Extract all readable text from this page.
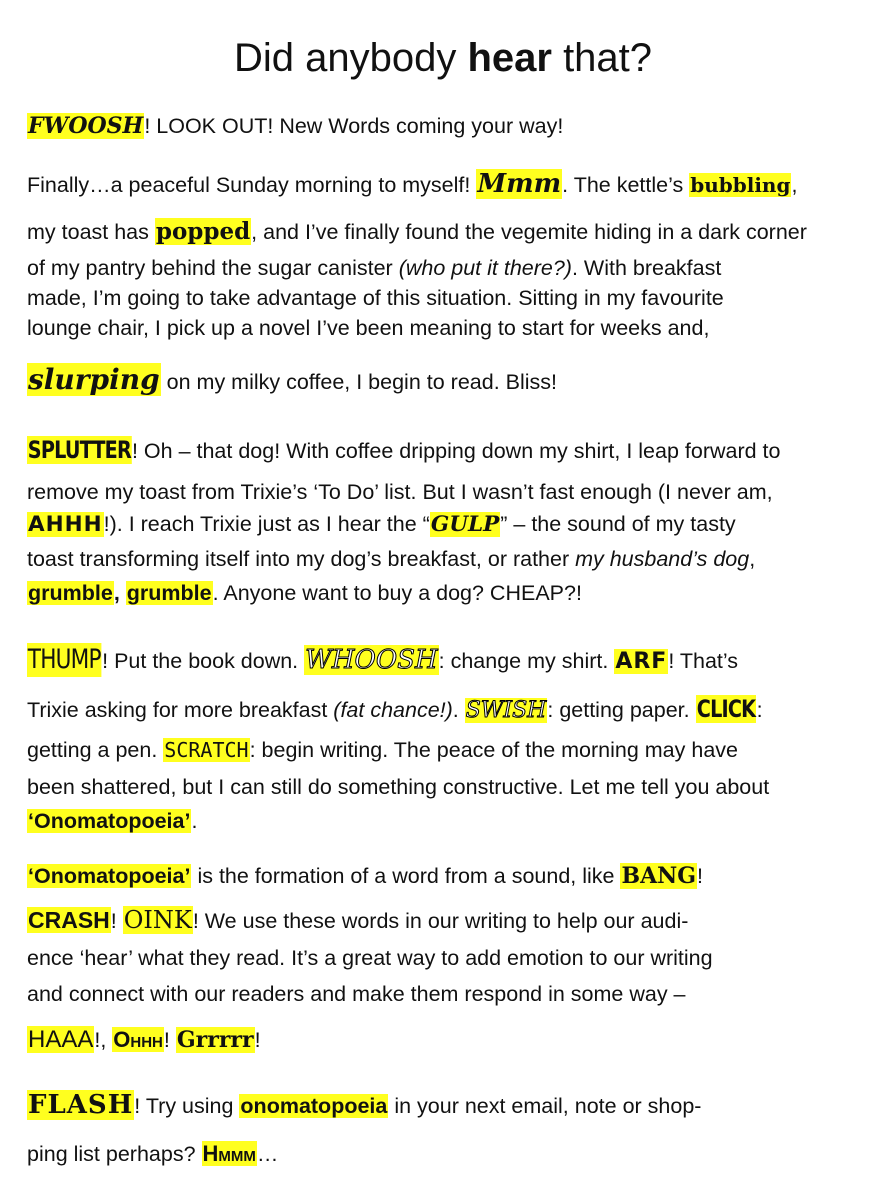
Did anybody hear that?
FWOOSH! LOOK OUT! New Words coming your way!
Finally…a peaceful Sunday morning to myself! Mmm. The kettle’s bubbling,
my toast has popped, and I’ve finally found the vegemite hiding in a dark corner
of my pantry behind the sugar canister (who put it there?). With breakfast
made, I’m going to take advantage of this situation. Sitting in my favourite
lounge chair, I pick up a novel I’ve been meaning to start for weeks and,
slurping on my milky coffee, I begin to read. Bliss!
SPLUTTER! Oh – that dog! With coffee dripping down my shirt, I leap forward to
remove my toast from Trixie’s ‘To Do’ list. But I wasn’t fast enough (I never am,
AHHH!). I reach Trixie just as I hear the “GULP” – the sound of my tasty
toast transforming itself into my dog’s breakfast, or rather my husband’s dog,
grumble, grumble. Anyone want to buy a dog? CHEAP?!
THUMP! Put the book down. WHOOSH: change my shirt. ARF! That’s
Trixie asking for more breakfast (fat chance!). SWISH: getting paper. CLICK:
getting a pen. SCRATCH: begin writing. The peace of the morning may have
been shattered, but I can still do something constructive. Let me tell you about
‘Onomatopoeia’.
‘Onomatopoeia’ is the formation of a word from a sound, like BANG!
CRASH! OINK! We use these words in our writing to help our audi-
ence ‘hear’ what they read. It’s a great way to add emotion to our writing
and connect with our readers and make them respond in some way –
HAAA!, Ohhh! Grrrrr!
FLASH! Try using onomatopoeia in your next email, note or shop-
ping list perhaps? Hmmm…
